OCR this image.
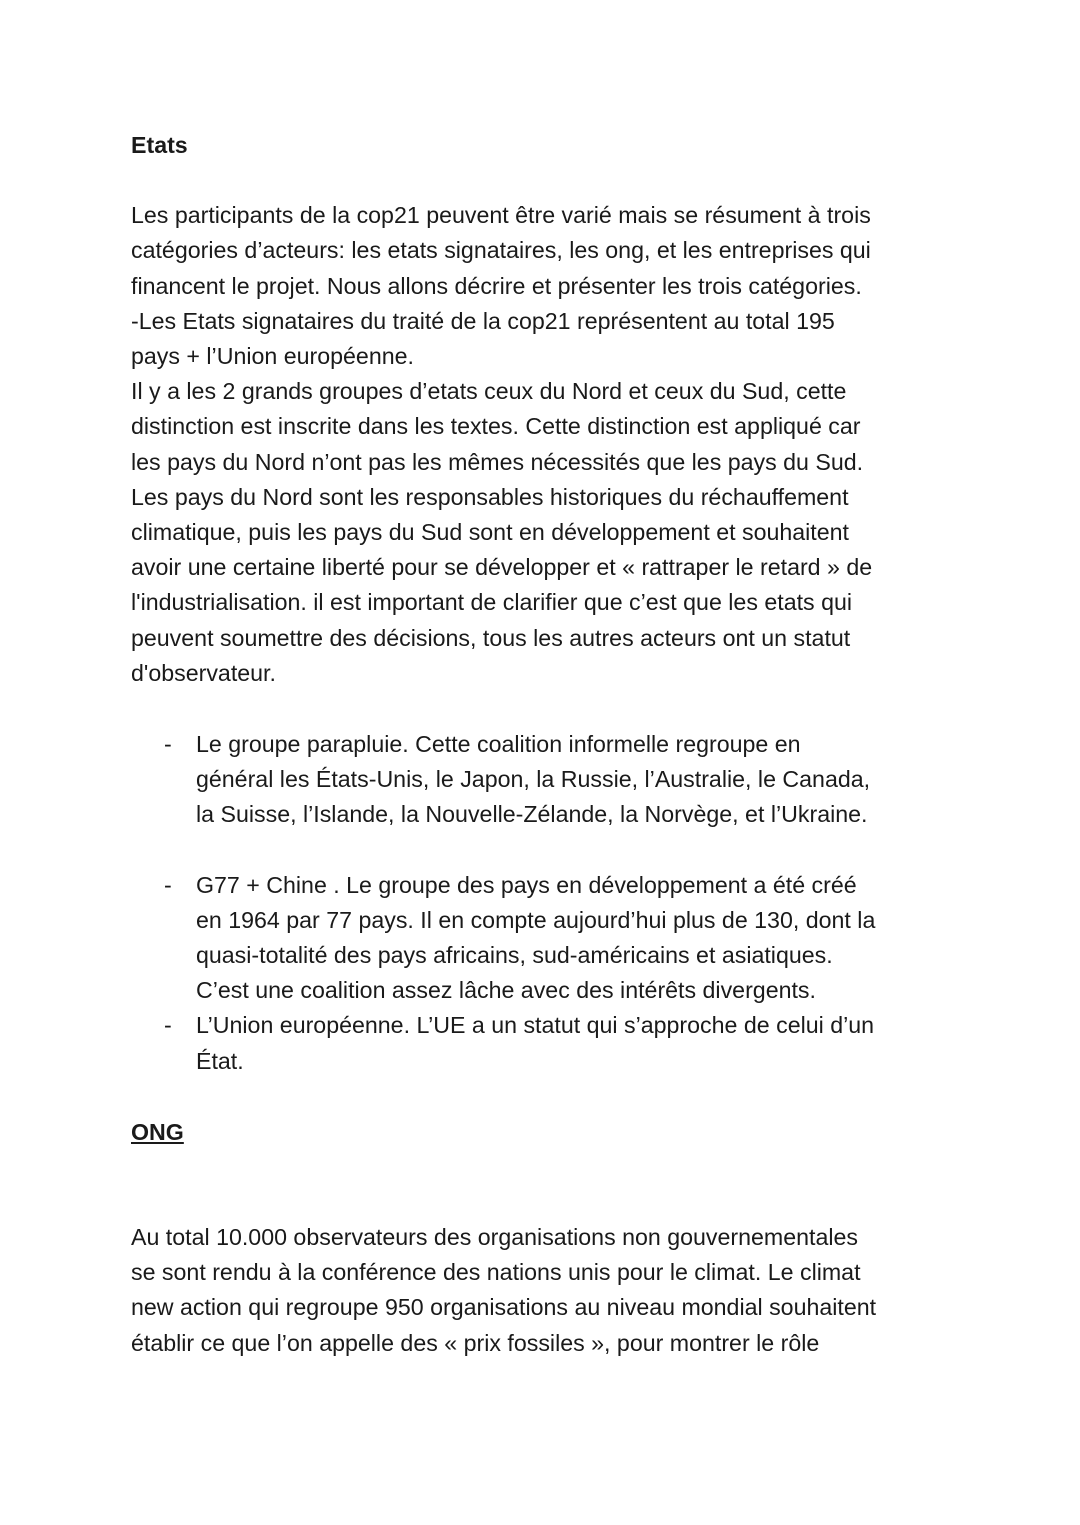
Etats

Les participants de la cop21 peuvent être varié mais se résument à trois
catégories d’acteurs: les etats signataires, les ong, et les entreprises qui
financent le projet. Nous allons décrire et présenter les trois catégories.
-Les Etats signataires du traité de la cop21 représentent au total 195
pays + l’Union européenne.
Il y a les 2 grands groupes d’etats ceux du Nord et ceux du Sud, cette
distinction est inscrite dans les textes. Cette distinction est appliqué car
les pays du Nord n’ont pas les mêmes nécessités que les pays du Sud.
Les pays du Nord sont les responsables historiques du réchauffement
climatique, puis les pays du Sud sont en développement et souhaitent
avoir une certaine liberté pour se développer et « rattraper le retard » de
l'industrialisation. il est important de clarifier que c’est que les etats qui
peuvent soumettre des décisions, tous les autres acteurs ont un statut
d'observateur.

- Le groupe parapluie. Cette coalition informelle regroupe en
général les États-Unis, le Japon, la Russie, l’Australie, le Canada,
la Suisse, l’Islande, la Nouvelle-Zélande, la Norvège, et l’Ukraine.
- G77 + Chine . Le groupe des pays en développement a été créé
en 1964 par 77 pays. Il en compte aujourd’hui plus de 130, dont la
quasi-totalité des pays africains, sud-américains et asiatiques.
C’est une coalition assez lâche avec des intérêts divergents.
- L’Union européenne. L’UE a un statut qui s’approche de celui d’un
État.
ONG

Au total 10.000 observateurs des organisations non gouvernementales
se sont rendu à la conférence des nations unis pour le climat. Le climat
new action qui regroupe 950 organisations au niveau mondial souhaitent
établir ce que l’on appelle des « prix fossiles », pour montrer le rôle
